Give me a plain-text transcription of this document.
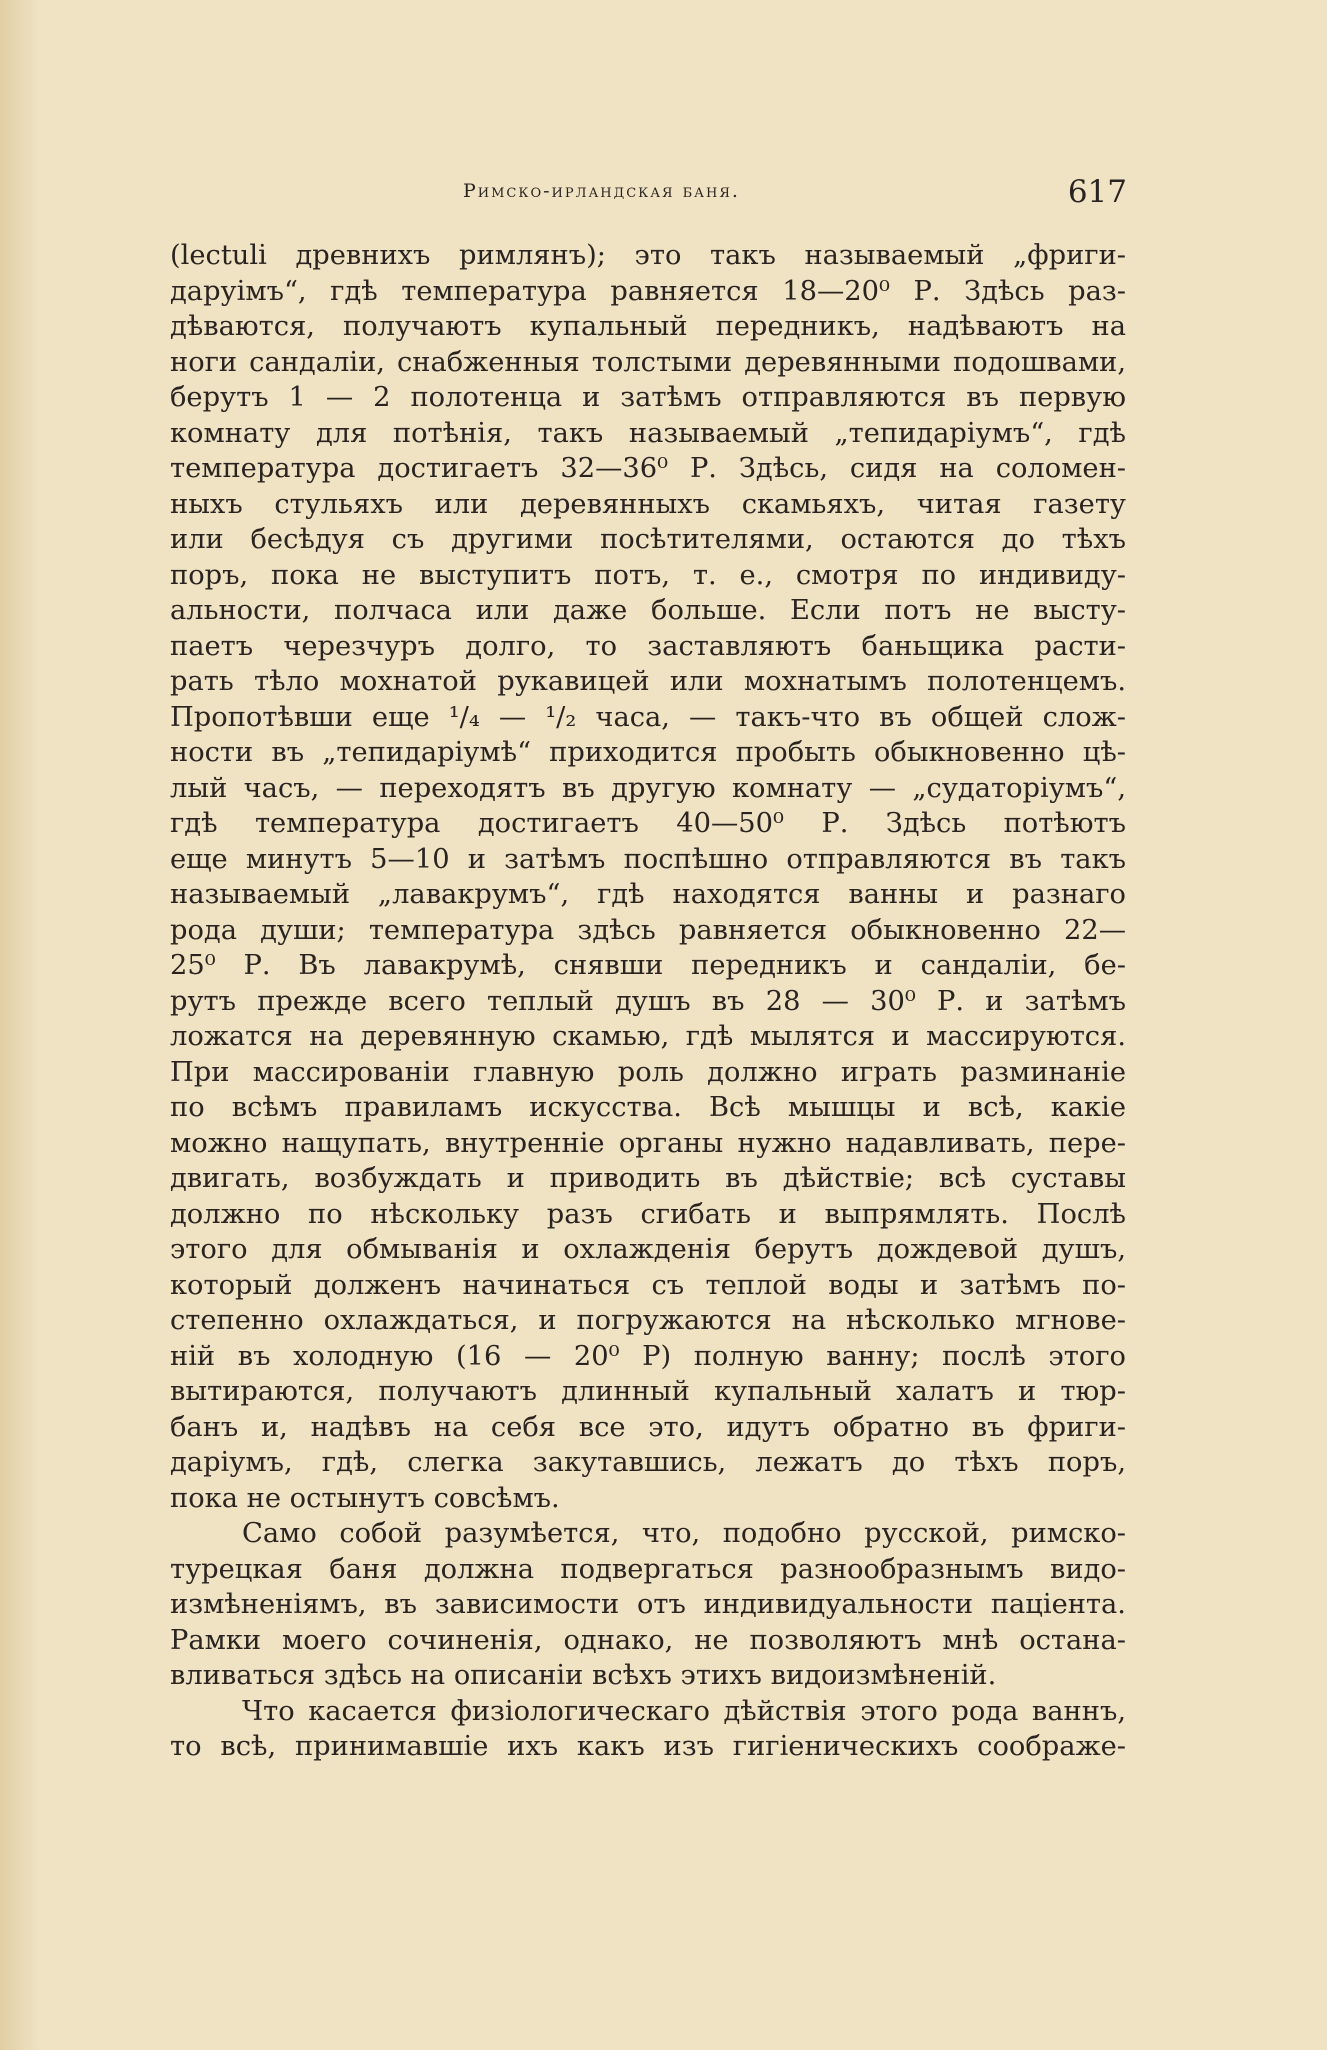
Римско-ирландская баня.	617
(lectuli древнихъ римлянъ); это такъ называемый „фриги-
даруімъ“, гдѣ температура равняется 18—20⁰ Р. Здѣсь раз-
дѣваются, получаютъ купальный передникъ, надѣваютъ на
ноги сандаліи, снабженныя толстыми деревянными подошвами,
берутъ 1 — 2 полотенца и затѣмъ отправляются въ первую
комнату для потѣнія, такъ называемый „тепидаріумъ“, гдѣ
температура достигаетъ 32—36⁰ Р. Здѣсь, сидя на соломен-
ныхъ стульяхъ или деревянныхъ скамьяхъ, читая газету
или бесѣдуя съ другими посѣтителями, остаются до тѣхъ
поръ, пока не выступитъ потъ, т. е., смотря по индивиду-
альности, полчаса или даже больше. Если потъ не высту-
паетъ черезчуръ долго, то заставляютъ баньщика расти-
рать тѣло мохнатой рукавицей или мохнатымъ полотенцемъ.
Пропотѣвши еще ¹/₄ — ¹/₂ часа, — такъ-что въ общей слож-
ности въ „тепидаріумѣ“ приходится пробыть обыкновенно цѣ-
лый часъ, — переходятъ въ другую комнату — „судаторіумъ“,
гдѣ температура достигаетъ 40—50⁰ Р. Здѣсь потѣютъ
еще минутъ 5—10 и затѣмъ поспѣшно отправляются въ такъ
называемый „лавакрумъ“, гдѣ находятся ванны и разнаго
рода души; температура здѣсь равняется обыкновенно 22—
25⁰ Р. Въ лавакрумѣ, снявши передникъ и сандаліи, бе-
рутъ прежде всего теплый душъ въ 28 — 30⁰ Р. и затѣмъ
ложатся на деревянную скамью, гдѣ мылятся и массируются.
При массированіи главную роль должно играть разминаніе
по всѣмъ правиламъ искусства. Всѣ мышцы и всѣ, какіе
можно нащупать, внутренніе органы нужно надавливать, пере-
двигать, возбуждать и приводить въ дѣйствіе; всѣ суставы
должно по нѣскольку разъ сгибать и выпрямлять. Послѣ
этого для обмыванія и охлажденія берутъ дождевой душъ,
который долженъ начинаться съ теплой воды и затѣмъ по-
степенно охлаждаться, и погружаются на нѣсколько мгнове-
ній въ холодную (16 — 20⁰ Р) полную ванну; послѣ этого
вытираются, получаютъ длинный купальный халатъ и тюр-
банъ и, надѣвъ на себя все это, идутъ обратно въ фриги-
даріумъ, гдѣ, слегка закутавшись, лежатъ до тѣхъ поръ,
пока не остынутъ совсѣмъ.
Само собой разумѣется, что, подобно русской, римско-
турецкая баня должна подвергаться разнообразнымъ видо-
измѣненіямъ, въ зависимости отъ индивидуальности паціента.
Рамки моего сочиненія, однако, не позволяютъ мнѣ остана-
вливаться здѣсь на описаніи всѣхъ этихъ видоизмѣненій.
Что касается физіологическаго дѣйствія этого рода ваннъ,
то всѣ, принимавшіе ихъ какъ изъ гигіеническихъ соображе-
